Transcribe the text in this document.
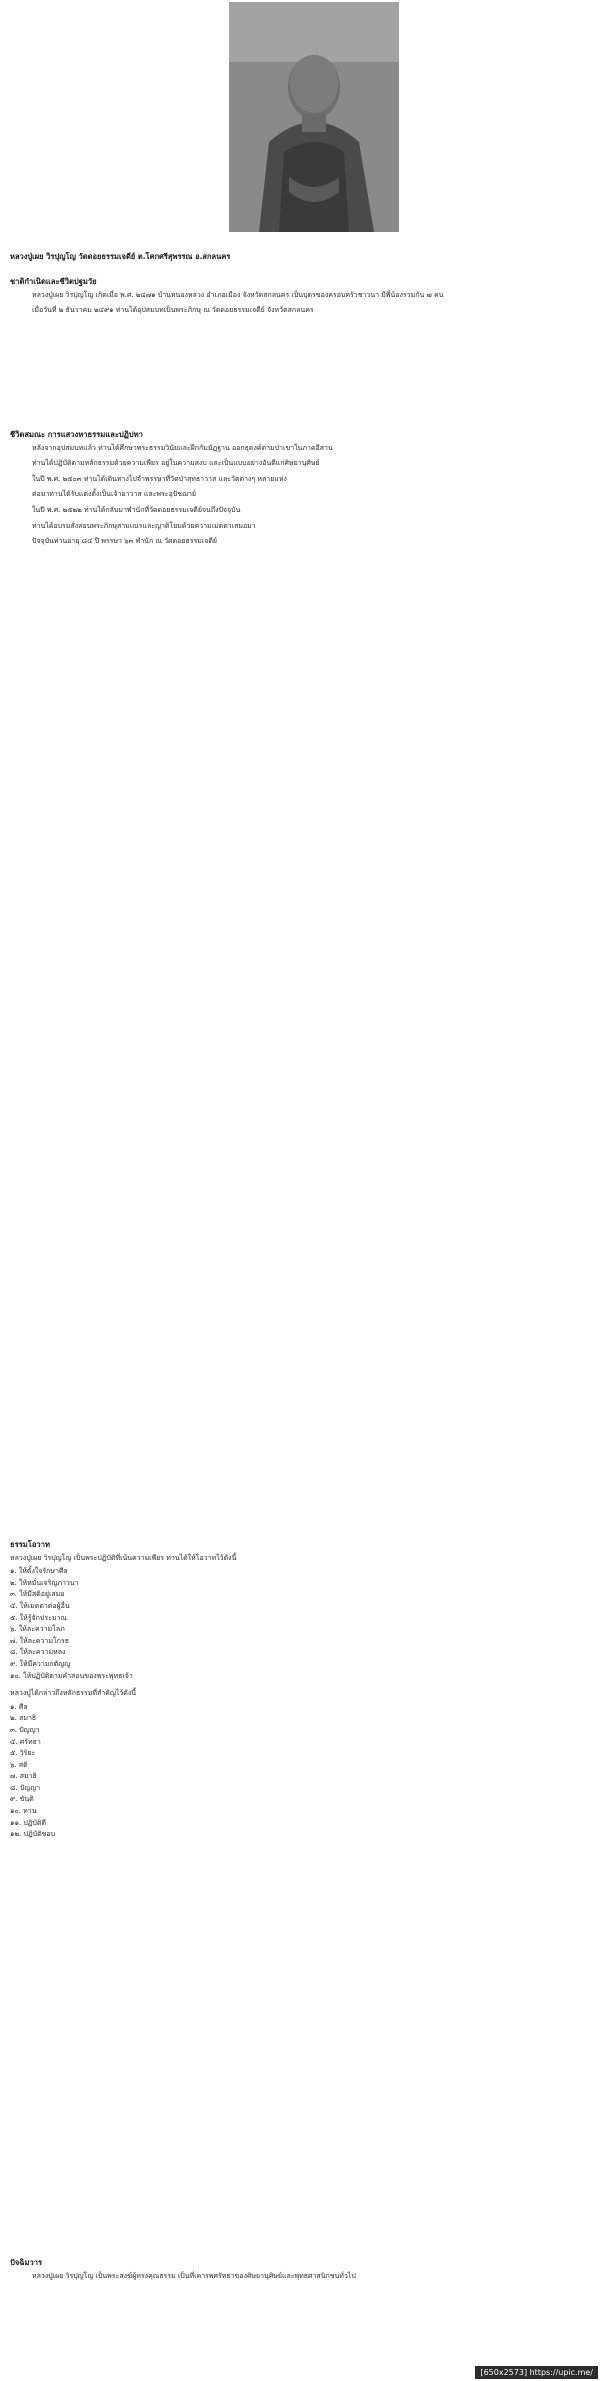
หลวงปู่เผย วิรปุญโญ วัดดอยธรรมเจดีย์ ต.โคกศรีสุพรรณ อ.สกลนคร
ชาติกำเนิดและชีวิตปฐมวัย

หลวงปู่เผย วิรปุญโญ เกิดเมื่อ พ.ศ. ๒๔๗๑ บ้านหนองหลวง อำเภอเมือง จังหวัดสกลนคร เป็นบุตรของครอบครัวชาวนา มีพี่น้องรวมกัน ๗ คน

เมื่อวันที่ ๒ ธันวาคม ๒๔๙๑ ท่านได้อุปสมบทเป็นพระภิกษุ ณ วัดดอยธรรมเจดีย์ จังหวัดสกลนคร

ชีวิตสมณะ การแสวงหาธรรมและปฏิปทา

หลังจากอุปสมบทแล้ว ท่านได้ศึกษาพระธรรมวินัยและฝึกกัมมัฏฐาน ออกธุดงค์ตามป่าเขาในภาคอีสาน

ท่านได้ปฏิบัติตามหลักธรรมด้วยความเพียร อยู่ในความสงบ และเป็นแบบอย่างอันดีแก่ศิษยานุศิษย์

ในปี พ.ศ. ๒๕๐๓ ท่านได้เดินทางไปจำพรรษาที่วัดป่าสุทธาวาส และวัดต่างๆ หลายแห่ง

ต่อมาท่านได้รับแต่งตั้งเป็นเจ้าอาวาส และพระอุปัชฌาย์

ในปี พ.ศ. ๒๕๒๒ ท่านได้กลับมาพำนักที่วัดดอยธรรมเจดีย์จนถึงปัจจุบัน

ท่านได้อบรมสั่งสอนพระภิกษุสามเณรและญาติโยมด้วยความเมตตาเสมอมา

ปัจจุบันท่านอายุ ๘๔ ปี พรรษา ๖๓ พำนัก ณ วัดดอยธรรมเจดีย์

ธรรมโอวาท

หลวงปู่เผย วิรปุญโญ เป็นพระปฏิบัติที่เน้นความเพียร ท่านได้ให้โอวาทไว้ดังนี้

๑. ให้ตั้งใจรักษาศีล
๒. ให้หมั่นเจริญภาวนา
๓. ให้มีสติอยู่เสมอ
๔. ให้เมตตาต่อผู้อื่น
๕. ให้รู้จักประมาณ
๖. ให้ละความโลภ
๗. ให้ละความโกรธ
๘. ให้ละความหลง
๙. ให้มีความกตัญญู
๑๐. ให้ปฏิบัติตามคำสอนของพระพุทธเจ้า

หลวงปู่ได้กล่าวถึงหลักธรรมที่สำคัญไว้ดังนี้

๑. ศีล
๒. สมาธิ
๓. ปัญญา
๔. ศรัทธา
๕. วิริยะ
๖. สติ
๗. สมาธิ
๘. ปัญญา
๙. ขันติ
๑๐. ทาน
๑๑. ปฏิบัติดี
๑๒. ปฏิบัติชอบ
ปัจฉิมวาร

หลวงปู่เผย วิรปุญโญ เป็นพระสงฆ์ผู้ทรงคุณธรรม เป็นที่เคารพศรัทธาของศิษยานุศิษย์และพุทธศาสนิกชนทั่วไป

[650x2573] https://upic.me/
